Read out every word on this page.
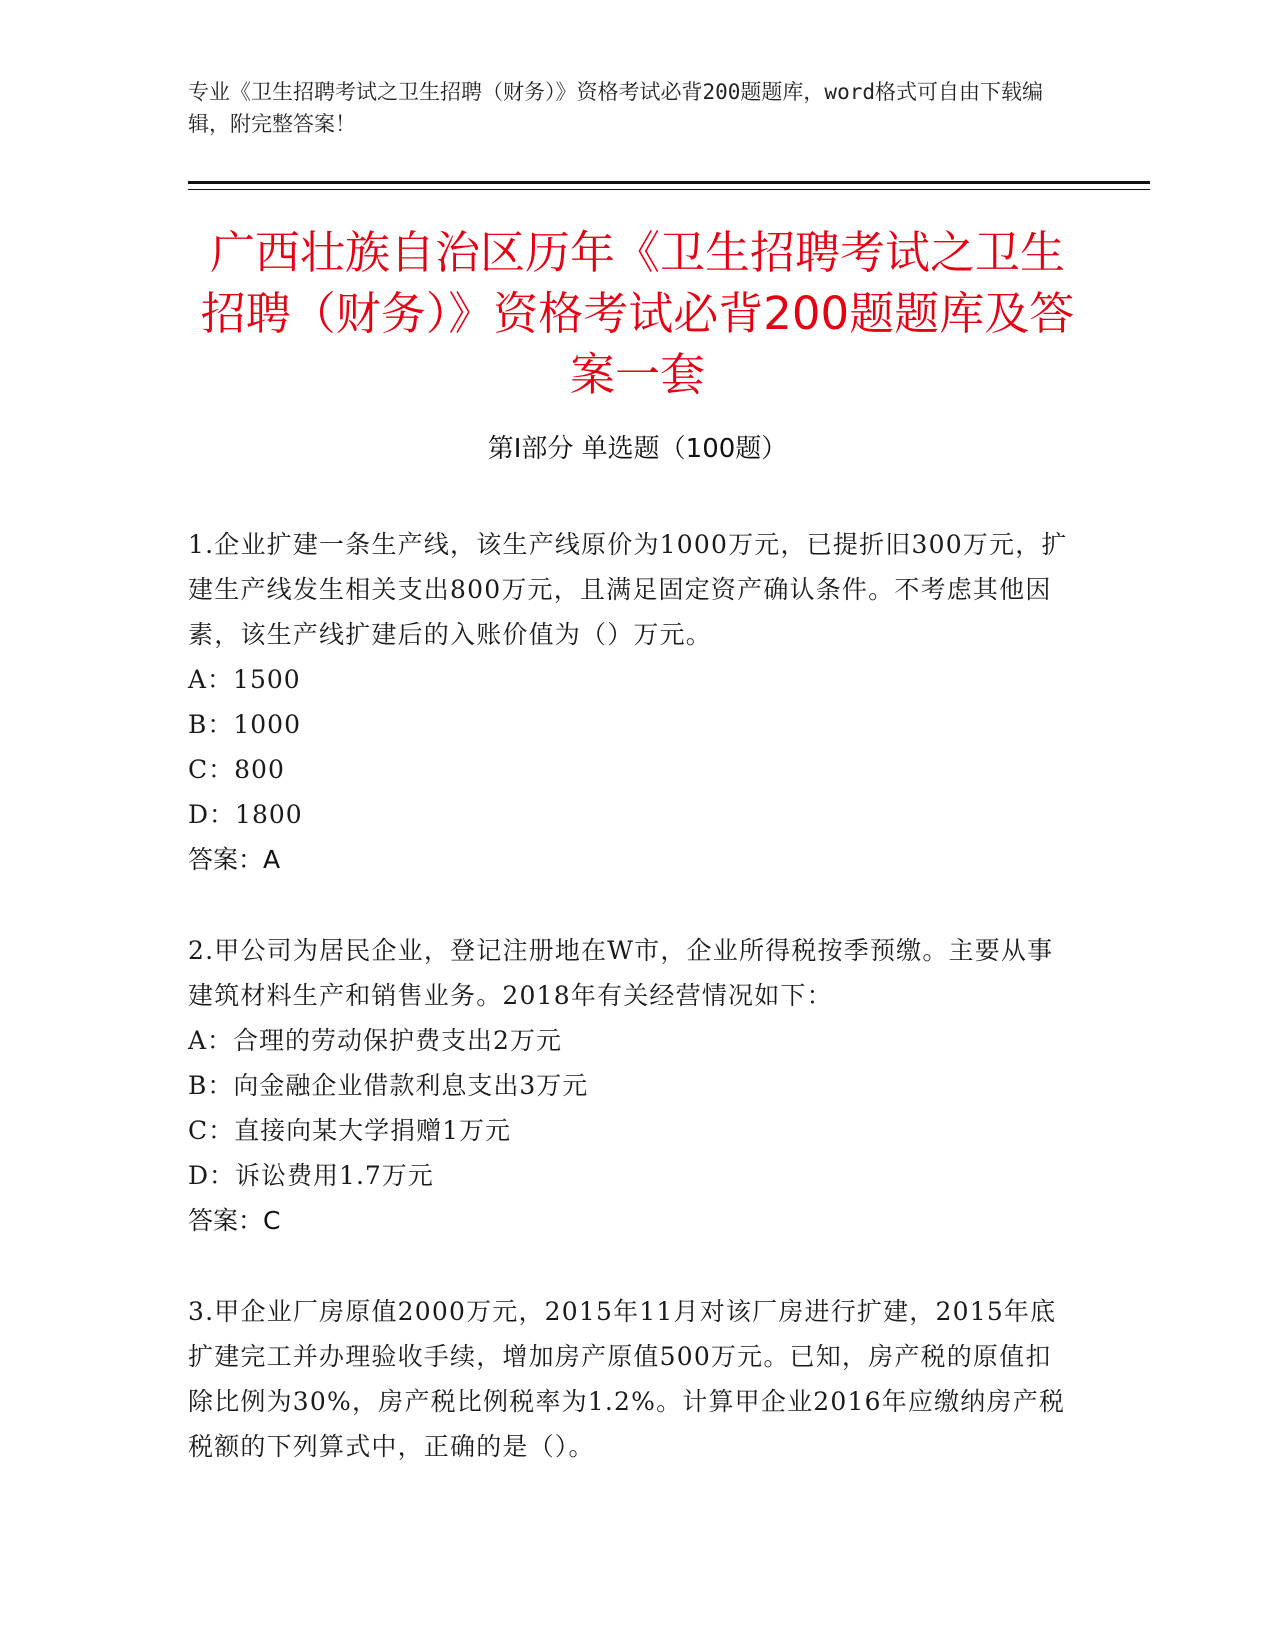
专业《卫生招聘考试之卫生招聘（财务）》资格考试必背200题题库，word格式可自由下载编辑，附完整答案！
广西壮族自治区历年《卫生招聘考试之卫生招聘（财务）》资格考试必背200题题库及答案一套
第Ⅰ部分 单选题（100题）
1.企业扩建一条生产线，该生产线原价为1000万元，已提折旧300万元，扩建生产线发生相关支出800万元，且满足固定资产确认条件。不考虑其他因素，该生产线扩建后的入账价值为（）万元。
A：1500
B：1000
C：800
D：1800
答案：A
2.甲公司为居民企业，登记注册地在W市，企业所得税按季预缴。主要从事建筑材料生产和销售业务。2018年有关经营情况如下：
A：合理的劳动保护费支出2万元
B：向金融企业借款利息支出3万元
C：直接向某大学捐赠1万元
D：诉讼费用1.7万元
答案：C
3.甲企业厂房原值2000万元，2015年11月对该厂房进行扩建，2015年底扩建完工并办理验收手续，增加房产原值500万元。已知，房产税的原值扣除比例为30%，房产税比例税率为1.2%。计算甲企业2016年应缴纳房产税税额的下列算式中，正确的是（）。
